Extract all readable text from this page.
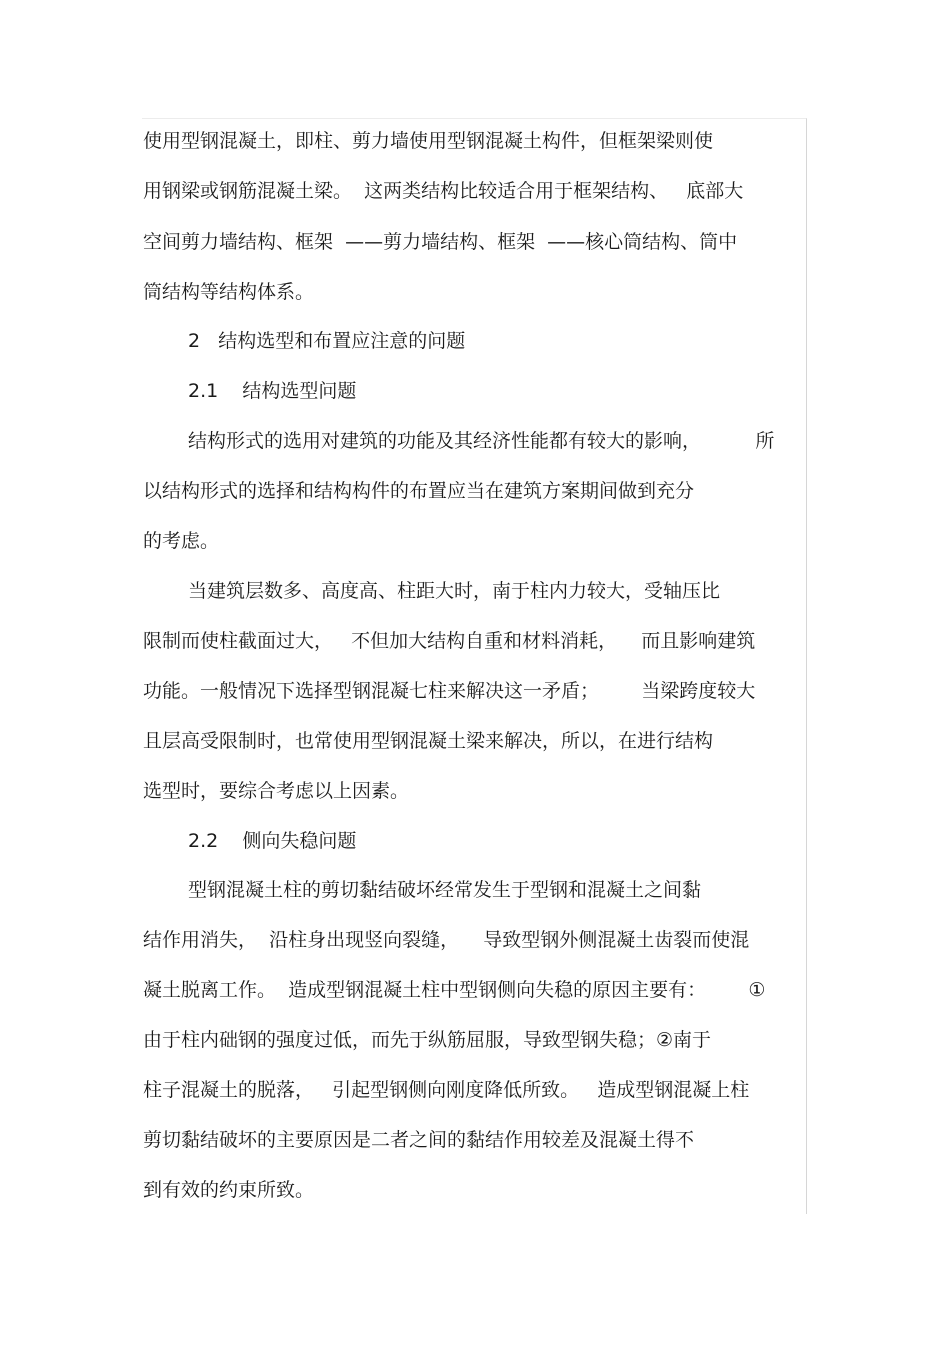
使用型钢混凝土，即柱、剪力墙使用型钢混凝土构件，但框架梁则使
用钢梁或钢筋混凝土梁。  这两类结构比较适合用于框架结构、   底部大
空间剪力墙结构、框架  ——剪力墙结构、框架  ——核心筒结构、筒中
筒结构等结构体系。
2   结构选型和布置应注意的问题
2.1    结构选型问题
结构形式的选用对建筑的功能及其经济性能都有较大的影响，         所
以结构形式的选择和结构构件的布置应当在建筑方案期间做到充分
的考虑。
当建筑层数多、高度高、柱距大时，南于柱内力较大，受轴压比
限制而使柱截面过大，   不但加大结构自重和材料消耗，    而且影响建筑
功能。一般情况下选择型钢混凝七柱来解决这一矛盾；       当梁跨度较大
且层高受限制时，也常使用型钢混凝土梁来解决，所以，在进行结构
选型时，要综合考虑以上因素。
2.2    侧向失稳问题
型钢混凝土柱的剪切黏结破坏经常发生于型钢和混凝土之间黏
结作用消失，  沿柱身出现竖向裂缝，    导致型钢外侧混凝土齿裂而使混
凝土脱离工作。  造成型钢混凝土柱中型钢侧向失稳的原因主要有：       ①
由于柱内础钢的强度过低，而先于纵筋屈服，导致型钢失稳；②南于
柱子混凝土的脱落，   引起型钢侧向刚度降低所致。   造成型钢混凝上柱
剪切黏结破坏的主要原因是二者之间的黏结作用较差及混凝土得不
到有效的约束所致。
